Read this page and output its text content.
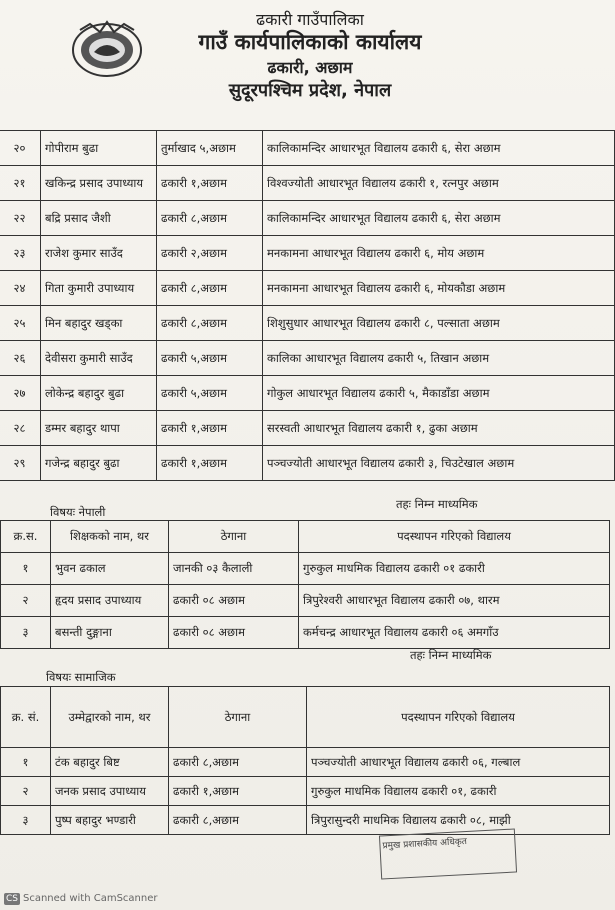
ढकारी गाउँपालिका
गाउँ कार्यपालिकाको कार्यालय
ढकारी, अछाम
सुदूरपश्चिम प्रदेश, नेपाल
२०	गोपीराम बुढा	तुर्माखाद ५,अछाम	कालिकामन्दिर आधारभूत विद्यालय ढकारी ६, सेरा अछाम
२१	खकिन्द्र प्रसाद उपाध्याय	ढकारी १,अछाम	विश्वज्योती आधारभूत विद्यालय ढकारी १, रत्नपुर अछाम
२२	बद्रि प्रसाद जैशी	ढकारी ८,अछाम	कालिकामन्दिर आधारभूत विद्यालय ढकारी ६, सेरा अछाम
२३	राजेश कुमार साउँद	ढकारी २,अछाम	मनकामना आधारभूत विद्यालय ढकारी ६, मोय अछाम
२४	गिता कुमारी उपाध्याय	ढकारी ८,अछाम	मनकामना आधारभूत विद्यालय ढकारी ६, मोयकौडा अछाम
२५	मिन बहादुर खड्का	ढकारी ८,अछाम	शिशुसुधार आधारभूत विद्यालय ढकारी ८, पल्साता अछाम
२६	देवीसरा कुमारी साउँद	ढकारी ५,अछाम	कालिका आधारभूत विद्यालय ढकारी ५, तिखान अछाम
२७	लोकेन्द्र बहादुर बुढा	ढकारी ५,अछाम	गोकुल आधारभूत विद्यालय ढकारी ५, मैकाडाँडा अछाम
२८	डम्मर बहादुर थापा	ढकारी १,अछाम	सरस्वती आधारभूत विद्यालय ढकारी १, ढुका अछाम
२९	गजेन्द्र बहादुर बुढा	ढकारी १,अछाम	पञ्चज्योती आधारभूत विद्यालय ढकारी ३, चिउटेखाल अछाम
तहः निम्न माध्यमिक
विषयः नेपाली
क्र.स.	शिक्षकको नाम, थर	ठेगाना	पदस्थापन गरिएको विद्यालय
१	भुवन ढकाल	जानकी ०३ कैलाली	गुरुकुल माधमिक विद्यालय ढकारी ०१ ढकारी
२	हृदय प्रसाद उपाध्याय	ढकारी ०८ अछाम	त्रिपुरेश्वरी आधारभूत विद्यालय ढकारी ०७, थारम
३	बसन्ती दुङ्गाना	ढकारी ०८ अछाम	कर्मचन्द्र आधारभूत विद्यालय ढकारी ०६ अमगाँउ
तहः निम्न माध्यमिक
विषयः सामाजिक
क्र. सं.	उम्मेद्वारको नाम, थर	ठेगाना	पदस्थापन गरिएको विद्यालय
१	टंक बहादुर बिष्ट	ढकारी ८,अछाम	पञ्चज्योती आधारभूत विद्यालय ढकारी ०६, गल्बाल
२	जनक प्रसाद उपाध्याय	ढकारी १,अछाम	गुरुकुल माधमिक विद्यालय ढकारी ०१, ढकारी
३	पुष्प बहादुर भण्डारी	ढकारी ८,अछाम	त्रिपुरासुन्दरी माधमिक विद्यालय ढकारी ०८, माझी
प्रमुख प्रशासकीय अधिकृत
CS Scanned with CamScanner
